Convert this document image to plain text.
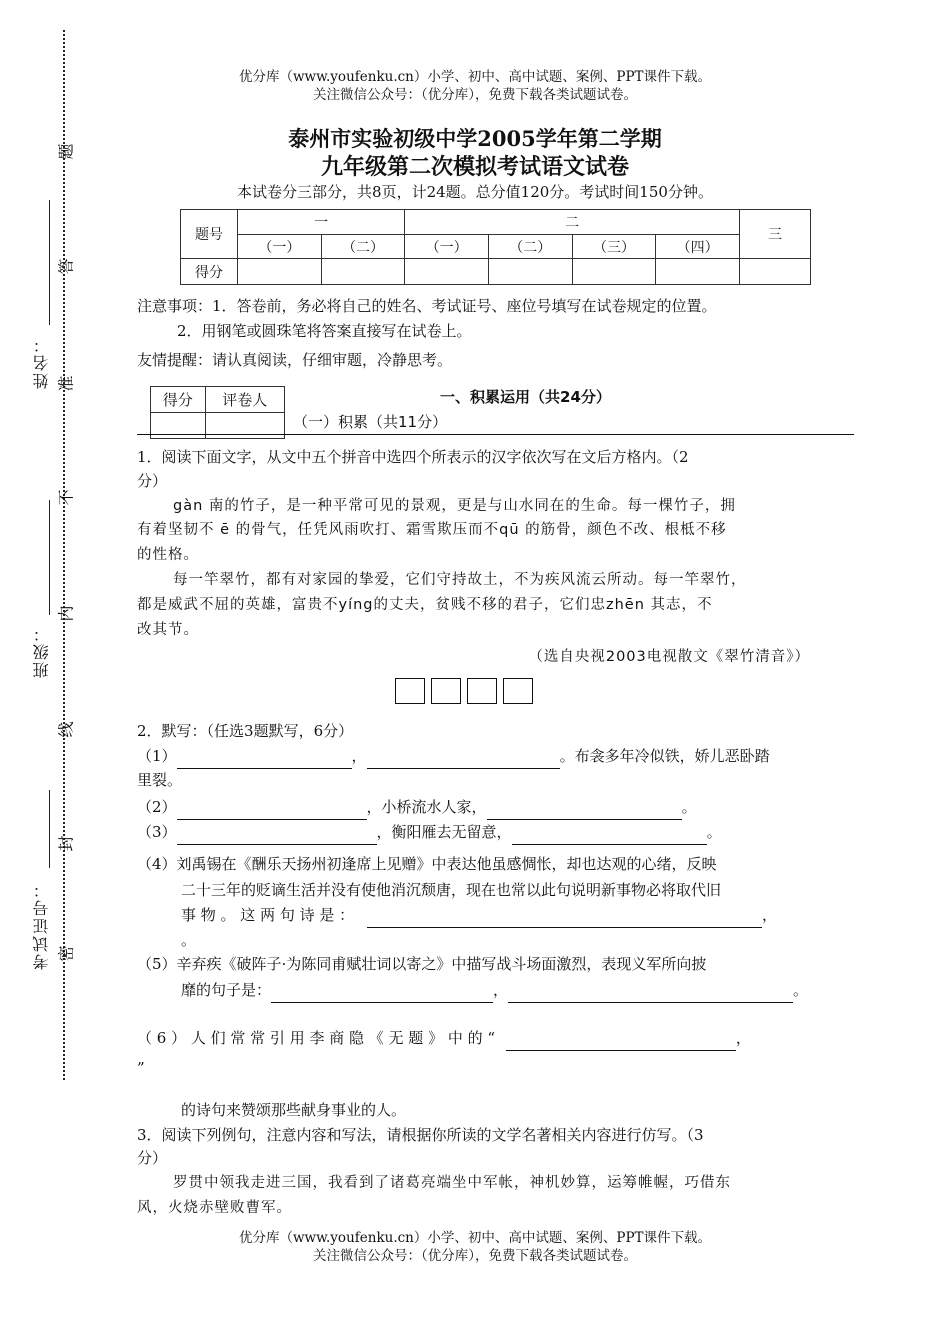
优分库（www.youfenku.cn）小学、初中、高中试题、案例、PPT课件下载。
关注微信公众号：（优分库），免费下载各类试题试卷。
泰州市实验初级中学2005学年第二学期
九年级第二次模拟考试语文试卷
本试卷分三部分，共8页，计24题。总分值120分。考试时间150分钟。
考试证号：
班级：
姓名：
题
答
准
不
内
线
封
密
题号	一		二				三
	（一）	（二）	（一）	（二）	（三）	（四）	
得分							
注意事项：1．答卷前，务必将自己的姓名、考试证号、座位号填写在试卷规定的位置。
2．用钢笔或圆珠笔将答案直接写在试卷上。
友情提醒：请认真阅读，仔细审题，冷静思考。
得分	评卷人
		一、积累运用（共24分）
（一）积累（共11分）
1．阅读下面文字，从文中五个拼音中选四个所表示的汉字依次写在文后方格内。（2
分）
gàn 南的竹子，是一种平常可见的景观，更是与山水同在的生命。每一棵竹子，拥
有着坚韧不 ē 的骨气，任凭风雨吹打、霜雪欺压而不qū 的筋骨，颜色不改、根柢不移
的性格。
每一竿翠竹，都有对家园的挚爱，它们守持故土，不为疾风流云所动。每一竿翠竹，
都是威武不屈的英雄，富贵不yíng的丈夫，贫贱不移的君子，它们忠zhēn 其志，不
改其节。
（选自央视2003电视散文《翠竹清音》）
2．默写：（任选3题默写，6分）
（1）	，	。布衾多年冷似铁，娇儿恶卧踏
里裂。
（2）	，小桥流水人家，	。
（3）	，衡阳雁去无留意，	。
（4）刘禹锡在《酬乐天扬州初逢席上见赠》中表达他虽感惆怅，却也达观的心绪，反映
二十三年的贬谪生活并没有使他消沉颓唐，现在也常以此句说明新事物必将取代旧
事 物 。 这 两 句 诗 是 ：	，
。
（5）辛弃疾《破阵子·为陈同甫赋壮词以寄之》中描写战斗场面激烈，表现义军所向披
靡的句子是：	，	。
（ 6 ） 人 们 常 常 引 用 李 商 隐 《 无 题 》 中 的 “	，
”
的诗句来赞颂那些献身事业的人。
3．阅读下列例句，注意内容和写法，请根据你所读的文学名著相关内容进行仿写。（3
分）
罗贯中领我走进三国，我看到了诸葛亮端坐中军帐，神机妙算，运筹帷幄，巧借东
风，火烧赤壁败曹军。
优分库（www.youfenku.cn）小学、初中、高中试题、案例、PPT课件下载。
关注微信公众号：（优分库），免费下载各类试题试卷。
